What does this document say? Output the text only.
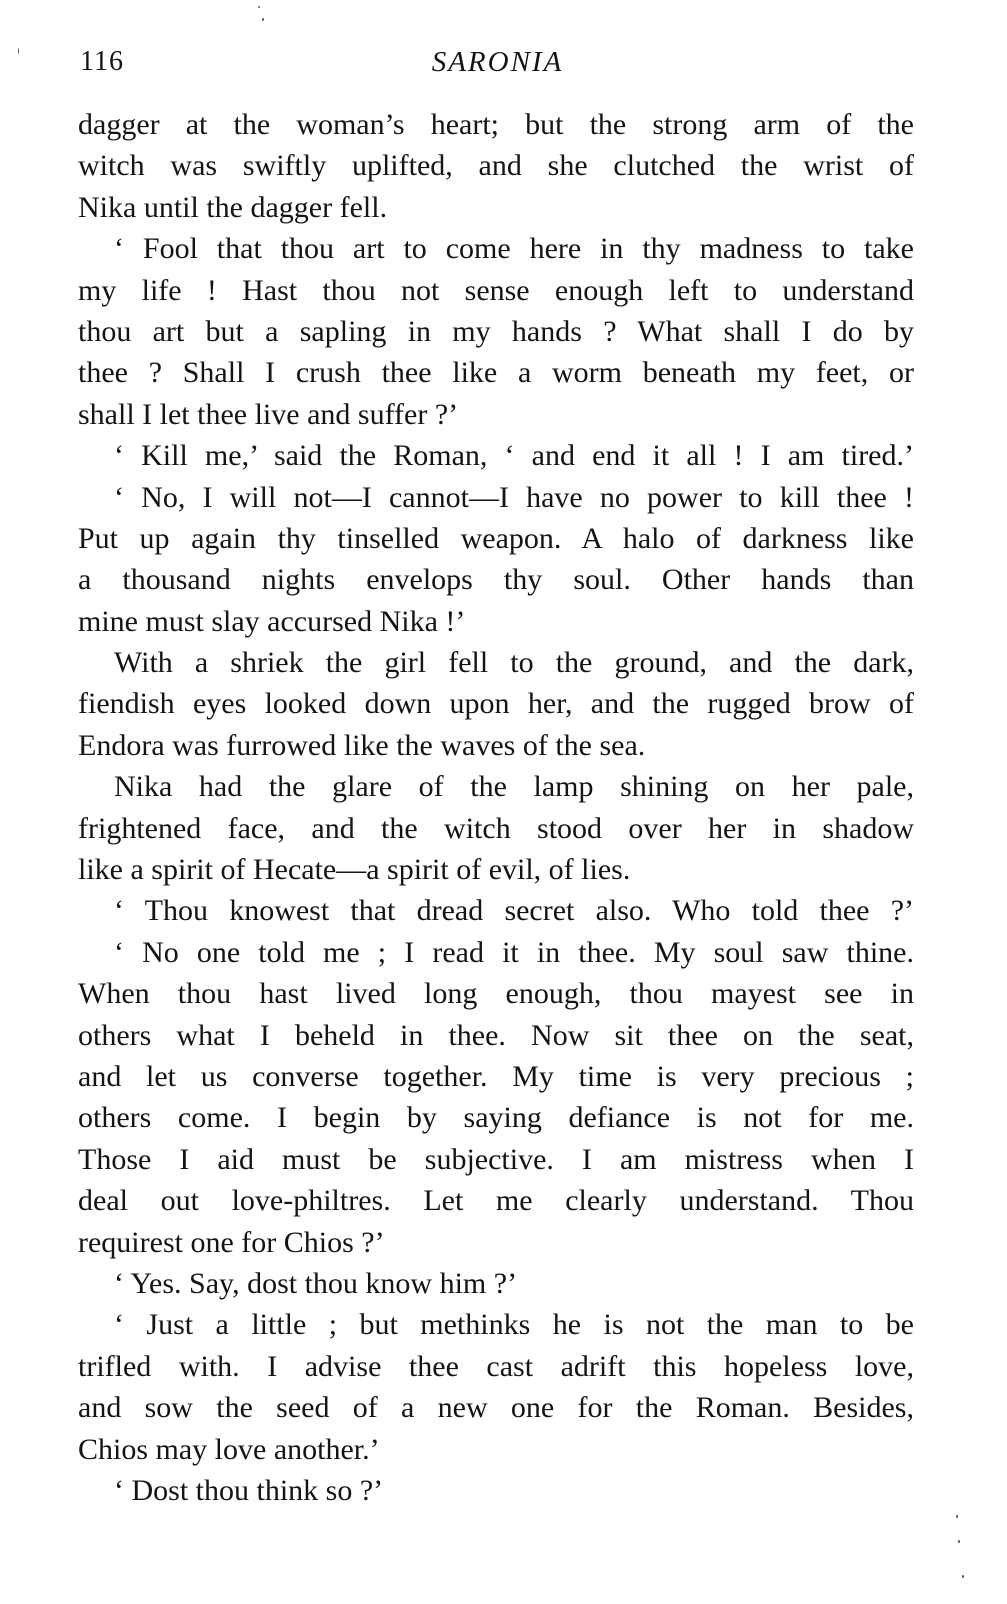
116	SARONIA
dagger at the woman’s heart; but the strong arm of the
witch was swiftly uplifted, and she clutched the wrist of
Nika until the dagger fell.
‘ Fool that thou art to come here in thy madness to take
my life ! Hast thou not sense enough left to understand
thou art but a sapling in my hands ? What shall I do by
thee ? Shall I crush thee like a worm beneath my feet, or
shall I let thee live and suffer ?’
‘ Kill me,’ said the Roman, ‘ and end it all ! I am tired.’
‘ No, I will not—I cannot—I have no power to kill thee !
Put up again thy tinselled weapon. A halo of darkness like
a thousand nights envelops thy soul. Other hands than
mine must slay accursed Nika !’
With a shriek the girl fell to the ground, and the dark,
fiendish eyes looked down upon her, and the rugged brow of
Endora was furrowed like the waves of the sea.
Nika had the glare of the lamp shining on her pale,
frightened face, and the witch stood over her in shadow
like a spirit of Hecate—a spirit of evil, of lies.
‘ Thou knowest that dread secret also. Who told thee ?’
‘ No one told me ; I read it in thee. My soul saw thine.
When thou hast lived long enough, thou mayest see in
others what I beheld in thee. Now sit thee on the seat,
and let us converse together. My time is very precious ;
others come. I begin by saying defiance is not for me.
Those I aid must be subjective. I am mistress when I
deal out love-philtres. Let me clearly understand. Thou
requirest one for Chios ?’
‘ Yes. Say, dost thou know him ?’
‘ Just a little ; but methinks he is not the man to be
trifled with. I advise thee cast adrift this hopeless love,
and sow the seed of a new one for the Roman. Besides,
Chios may love another.’
‘ Dost thou think so ?’
